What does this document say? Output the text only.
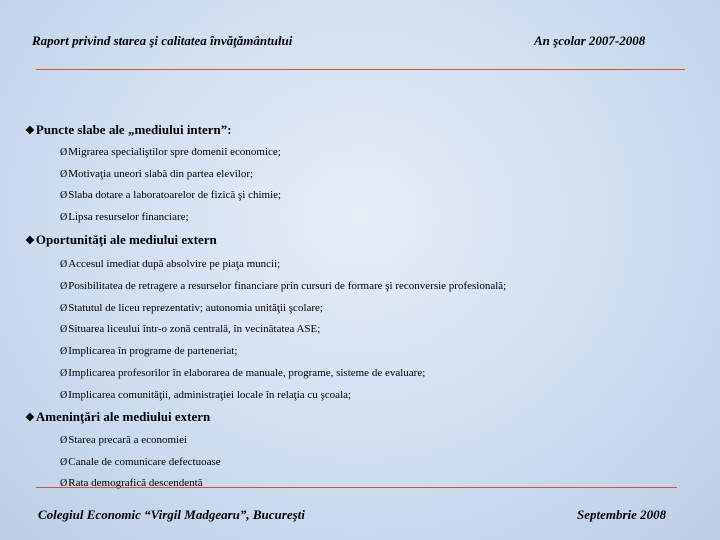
Raport privind starea şi calitatea învăţământului	An şcolar 2007-2008
❖Puncte slabe ale „mediului intern”:
ØMigrarea specialiştilor spre domenii economice;
ØMotivaţia uneori slabă din partea elevilor;
ØSlaba dotare a laboratoarelor de fizică şi chimie;
ØLipsa resurselor financiare;
❖Oportunităţi ale mediului extern
ØAccesul imediat după absolvire pe piaţa muncii;
ØPosibilitatea de retragere a resurselor financiare prin cursuri de formare şi reconversie profesională;
ØStatutul de liceu reprezentativ; autonomia unităţii şcolare;
ØSituarea liceului într-o zonă centrală, în vecinătatea ASE;
ØImplicarea în programe de parteneriat;
ØImplicarea profesorilor în elaborarea de manuale, programe, sisteme de evaluare;
ØImplicarea comunităţii, administraţiei locale în relaţia cu şcoala;
❖Ameninţări ale mediului extern
ØStarea precară a economiei
ØCanale de comunicare defectuoase
ØRata demografică descendentă
Colegiul Economic “Virgil Madgearu”, Bucureşti	Septembrie 2008
